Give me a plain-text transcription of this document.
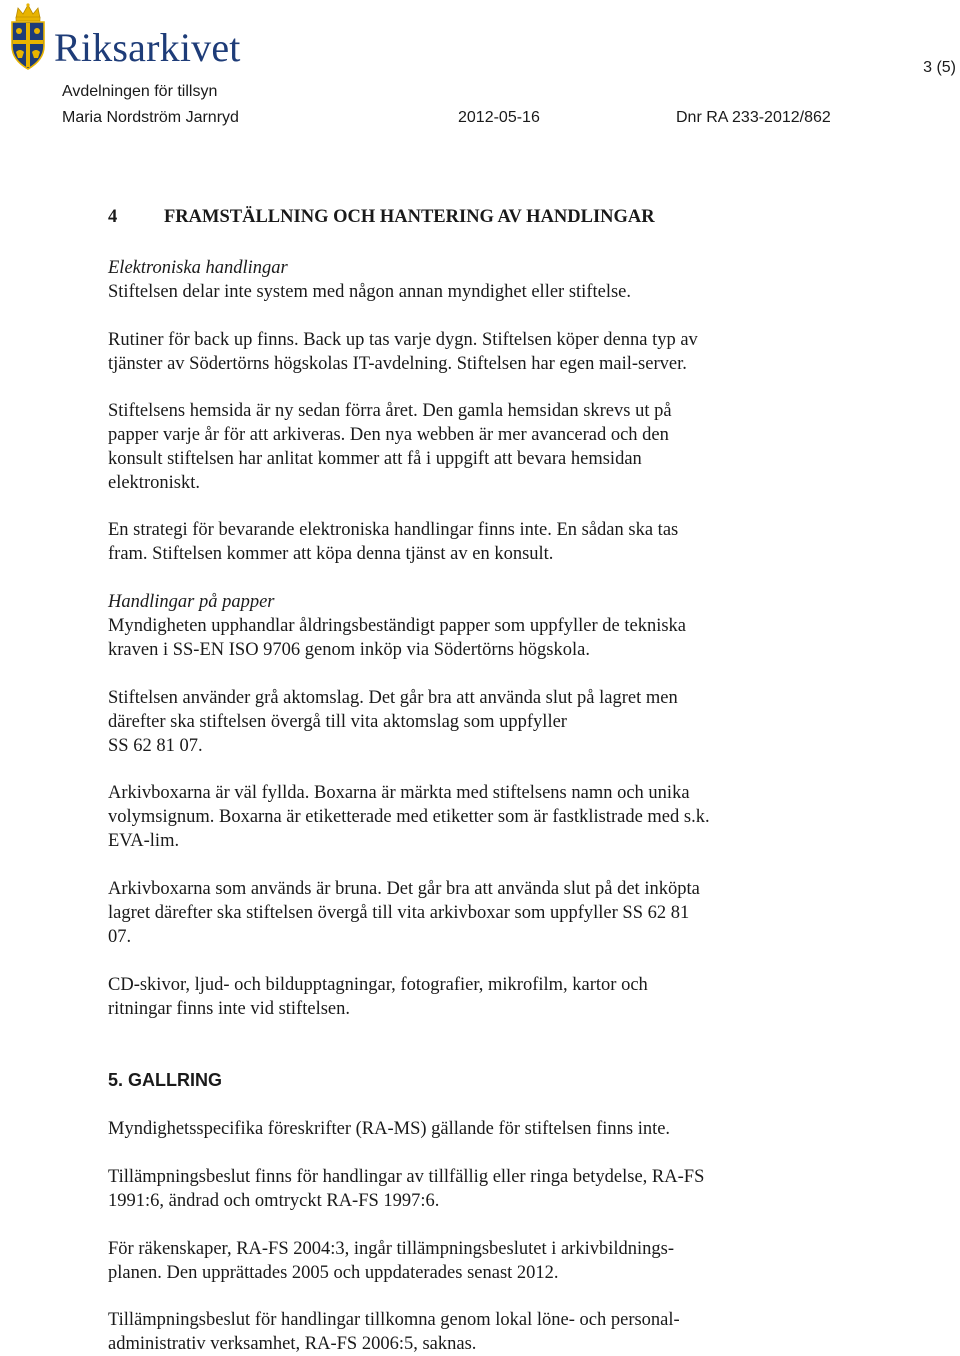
Riksarkivet
Avdelningen för tillsyn
Maria Nordström Jarnryd	2012-05-16	Dnr RA 233-2012/862
3 (5)
4	FRAMSTÄLLNING OCH HANTERING AV HANDLINGAR
Elektroniska handlingar
Stiftelsen delar inte system med någon annan myndighet eller stiftelse.
Rutiner för back up finns. Back up tas varje dygn. Stiftelsen köper denna typ av
tjänster av Södertörns högskolas IT-avdelning. Stiftelsen har egen mail-server.
Stiftelsens hemsida är ny sedan förra året. Den gamla hemsidan skrevs ut på
papper varje år för att arkiveras. Den nya webben är mer avancerad och den
konsult stiftelsen har anlitat kommer att få i uppgift att bevara hemsidan
elektroniskt.
En strategi för bevarande elektroniska handlingar finns inte. En sådan ska tas
fram. Stiftelsen kommer att köpa denna tjänst av en konsult.
Handlingar på papper
Myndigheten upphandlar åldringsbeständigt papper som uppfyller de tekniska
kraven i SS-EN ISO 9706 genom inköp via Södertörns högskola.
Stiftelsen använder grå aktomslag. Det går bra att använda slut på lagret men
därefter ska stiftelsen övergå till vita aktomslag som uppfyller
SS 62 81 07.
Arkivboxarna är väl fyllda. Boxarna är märkta med stiftelsens namn och unika
volymsignum. Boxarna är etiketterade med etiketter som är fastklistrade med s.k.
EVA-lim.
Arkivboxarna som används är bruna. Det går bra att använda slut på det inköpta
lagret därefter ska stiftelsen övergå till vita arkivboxar som uppfyller SS 62 81
07.
CD-skivor, ljud- och bildupptagningar, fotografier, mikrofilm, kartor och
ritningar finns inte vid stiftelsen.
5. GALLRING
Myndighetsspecifika föreskrifter (RA-MS) gällande för stiftelsen finns inte.
Tillämpningsbeslut finns för handlingar av tillfällig eller ringa betydelse, RA-FS
1991:6, ändrad och omtryckt RA-FS 1997:6.
För räkenskaper, RA-FS 2004:3, ingår tillämpningsbeslutet i arkivbildnings-
planen. Den upprättades 2005 och uppdaterades senast 2012.
Tillämpningsbeslut för handlingar tillkomna genom lokal löne- och personal-
administrativ verksamhet, RA-FS 2006:5, saknas.
